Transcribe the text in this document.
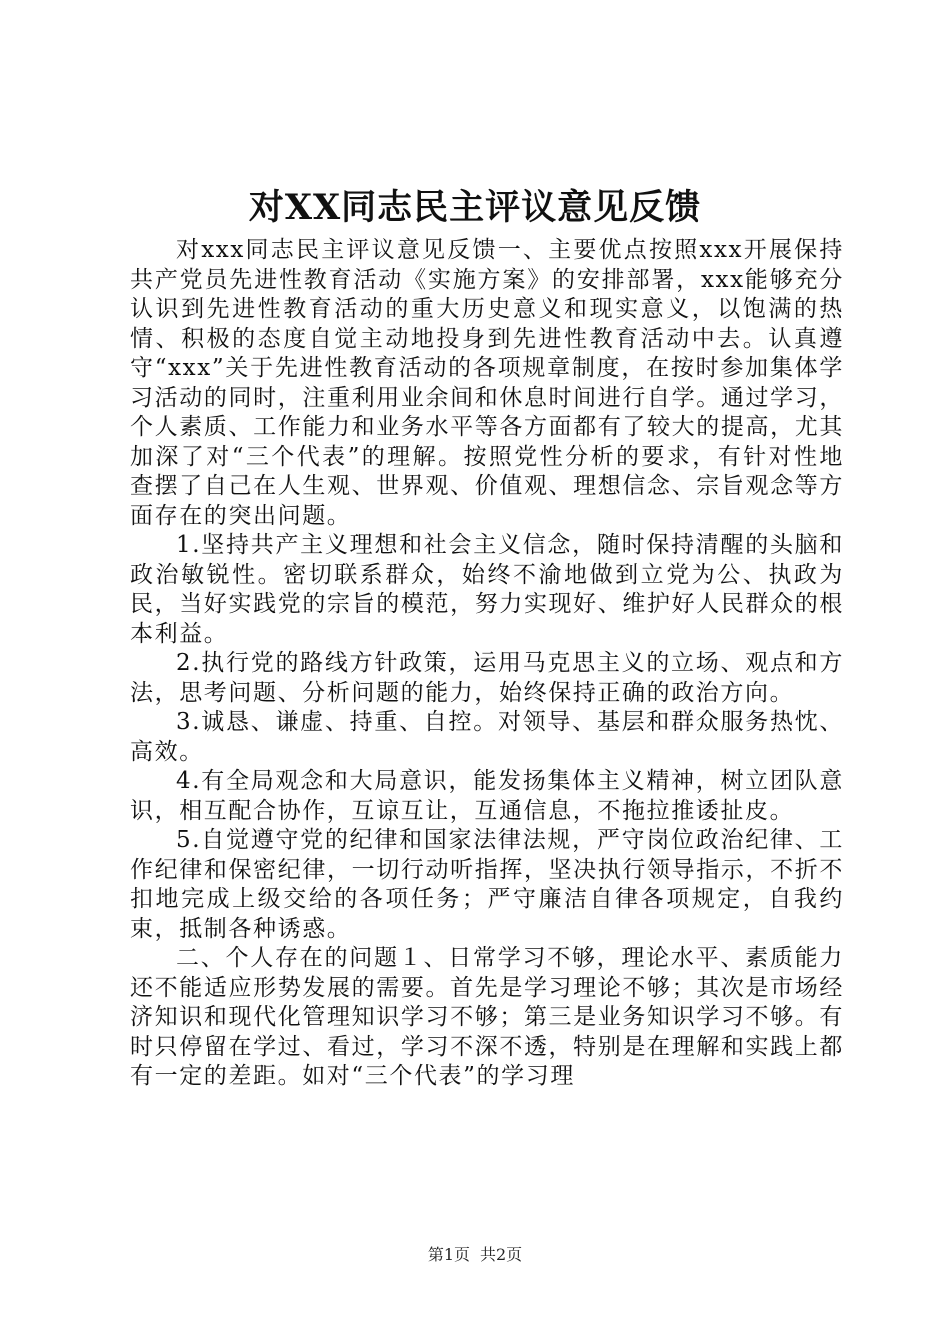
对XX同志民主评议意见反馈

对xxx同志民主评议意见反馈一、主要优点按照xxx开展保持共产党员先进性教育活动《实施方案》的安排部署，xxx能够充分认识到先进性教育活动的重大历史意义和现实意义，以饱满的热情、积极的态度自觉主动地投身到先进性教育活动中去。认真遵守“xxx”关于先进性教育活动的各项规章制度，在按时参加集体学习活动的同时，注重利用业余间和休息时间进行自学。通过学习，个人素质、工作能力和业务水平等各方面都有了较大的提高，尤其加深了对“三个代表”的理解。按照党性分析的要求，有针对性地查摆了自己在人生观、世界观、价值观、理想信念、宗旨观念等方面存在的突出问题。

1.坚持共产主义理想和社会主义信念，随时保持清醒的头脑和政治敏锐性。密切联系群众，始终不渝地做到立党为公、执政为民，当好实践党的宗旨的模范，努力实现好、维护好人民群众的根本利益。

2.执行党的路线方针政策，运用马克思主义的立场、观点和方法，思考问题、分析问题的能力，始终保持正确的政治方向。

3.诚恳、谦虚、持重、自控。对领导、基层和群众服务热忱、高效。

4.有全局观念和大局意识，能发扬集体主义精神，树立团队意识，相互配合协作，互谅互让，互通信息，不拖拉推诿扯皮。

5.自觉遵守党的纪律和国家法律法规，严守岗位政治纪律、工作纪律和保密纪律，一切行动听指挥，坚决执行领导指示，不折不扣地完成上级交给的各项任务；严守廉洁自律各项规定，自我约束，抵制各种诱惑。

二、个人存在的问题１、日常学习不够，理论水平、素质能力还不能适应形势发展的需要。首先是学习理论不够；其次是市场经济知识和现代化管理知识学习不够；第三是业务知识学习不够。有时只停留在学过、看过，学习不深不透，特别是在理解和实践上都有一定的差距。如对“三个代表”的学习理

第1页 共2页
